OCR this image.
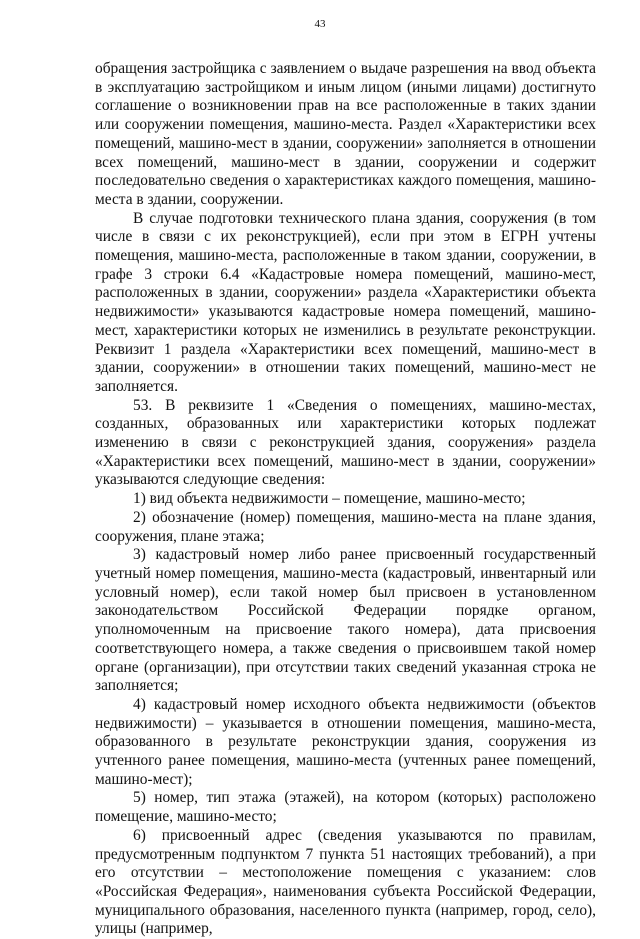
43

обращения застройщика с заявлением о выдаче разрешения на ввод объекта в эксплуатацию застройщиком и иным лицом (иными лицами) достигнуто соглашение о возникновении прав на все расположенные в таких здании или сооружении помещения, машино-места. Раздел «Характеристики всех помещений, машино-мест в здании, сооружении» заполняется в отношении всех помещений, машино-мест в здании, сооружении и содержит последовательно сведения о характеристиках каждого помещения, машино-места в здании, сооружении.

В случае подготовки технического плана здания, сооружения (в том числе в связи с их реконструкцией), если при этом в ЕГРН учтены помещения, машино-места, расположенные в таком здании, сооружении, в графе 3 строки 6.4 «Кадастровые номера помещений, машино-мест, расположенных в здании, сооружении» раздела «Характеристики объекта недвижимости» указываются кадастровые номера помещений, машино-мест, характеристики которых не изменились в результате реконструкции. Реквизит 1 раздела «Характеристики всех помещений, машино-мест в здании, сооружении» в отношении таких помещений, машино-мест не заполняется.

53. В реквизите 1 «Сведения о помещениях, машино-местах, созданных, образованных или характеристики которых подлежат изменению в связи с реконструкцией здания, сооружения» раздела «Характеристики всех помещений, машино-мест в здании, сооружении» указываются следующие сведения:

1) вид объекта недвижимости – помещение, машино-место;

2) обозначение (номер) помещения, машино-места на плане здания, сооружения, плане этажа;

3) кадастровый номер либо ранее присвоенный государственный учетный номер помещения, машино-места (кадастровый, инвентарный или условный номер), если такой номер был присвоен в установленном законодательством Российской Федерации порядке органом, уполномоченным на присвоение такого номера), дата присвоения соответствующего номера, а также сведения о присвоившем такой номер органе (организации), при отсутствии таких сведений указанная строка не заполняется;

4) кадастровый номер исходного объекта недвижимости (объектов недвижимости) – указывается в отношении помещения, машино-места, образованного в результате реконструкции здания, сооружения из учтенного ранее помещения, машино-места (учтенных ранее помещений, машино-мест);

5) номер, тип этажа (этажей), на котором (которых) расположено помещение, машино-место;

6) присвоенный адрес (сведения указываются по правилам, предусмотренным подпунктом 7 пункта 51 настоящих требований), а при его отсутствии – местоположение помещения с указанием: слов «Российская Федерация», наименования субъекта Российской Федерации, муниципального образования, населенного пункта (например, город, село), улицы (например,
